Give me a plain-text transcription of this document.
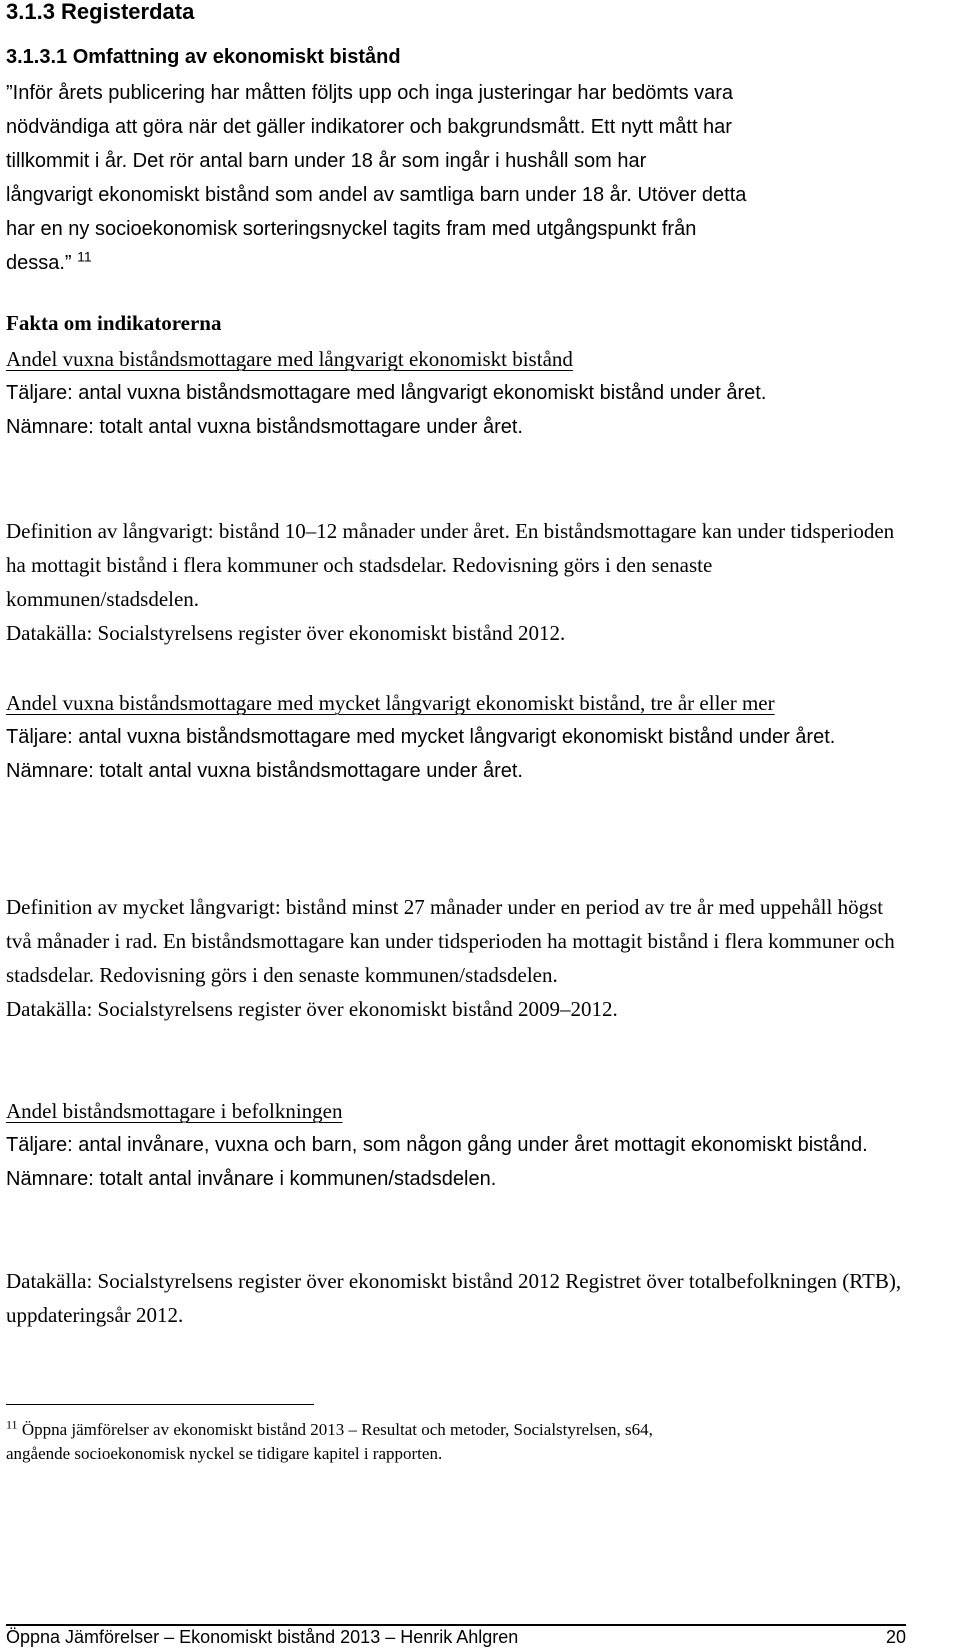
3.1.3 Registerdata
3.1.3.1 Omfattning av ekonomiskt bistånd
”Inför årets publicering har måtten följts upp och inga justeringar har bedömts vara
nödvändiga att göra när det gäller indikatorer och bakgrundsmått. Ett nytt mått har
tillkommit i år. Det rör antal barn under 18 år som ingår i hushåll som har
långvarigt ekonomiskt bistånd som andel av samtliga barn under 18 år. Utöver detta
har en ny socioekonomisk sorteringsnyckel tagits fram med utgångspunkt från
dessa.” $^{11}$
Fakta om indikatorerna
Andel vuxna biståndsmottagare med långvarigt ekonomiskt bistånd
Täljare: antal vuxna biståndsmottagare med långvarigt ekonomiskt bistånd under året.
Nämnare: totalt antal vuxna biståndsmottagare under året.
Definition av långvarigt: bistånd 10–12 månader under året. En biståndsmottagare kan under tidsperioden ha mottagit bistånd i flera kommuner och stadsdelar. Redovisning görs i den senaste kommunen/stadsdelen.
Datakälla: Socialstyrelsens register över ekonomiskt bistånd 2012.
Andel vuxna biståndsmottagare med mycket långvarigt ekonomiskt bistånd, tre år eller mer
Täljare: antal vuxna biståndsmottagare med mycket långvarigt ekonomiskt bistånd under året.
Nämnare: totalt antal vuxna biståndsmottagare under året.
Definition av mycket långvarigt: bistånd minst 27 månader under en period av tre år med uppehåll högst två månader i rad. En biståndsmottagare kan under tidsperioden ha mottagit bistånd i flera kommuner och stadsdelar. Redovisning görs i den senaste kommunen/stadsdelen.
Datakälla: Socialstyrelsens register över ekonomiskt bistånd 2009–2012.
Andel biståndsmottagare i befolkningen
Täljare: antal invånare, vuxna och barn, som någon gång under året mottagit ekonomiskt bistånd.
Nämnare: totalt antal invånare i kommunen/stadsdelen.
Datakälla: Socialstyrelsens register över ekonomiskt bistånd 2012 Registret över totalbefolkningen (RTB), uppdateringsår 2012.
$^{11}$ Öppna jämförelser av ekonomiskt bistånd 2013 – Resultat och metoder, Socialstyrelsen, s64,
angående socioekonomisk nyckel se tidigare kapitel i rapporten.
Öppna Jämförelser – Ekonomiskt bistånd 2013 – Henrik Ahlgren	20
